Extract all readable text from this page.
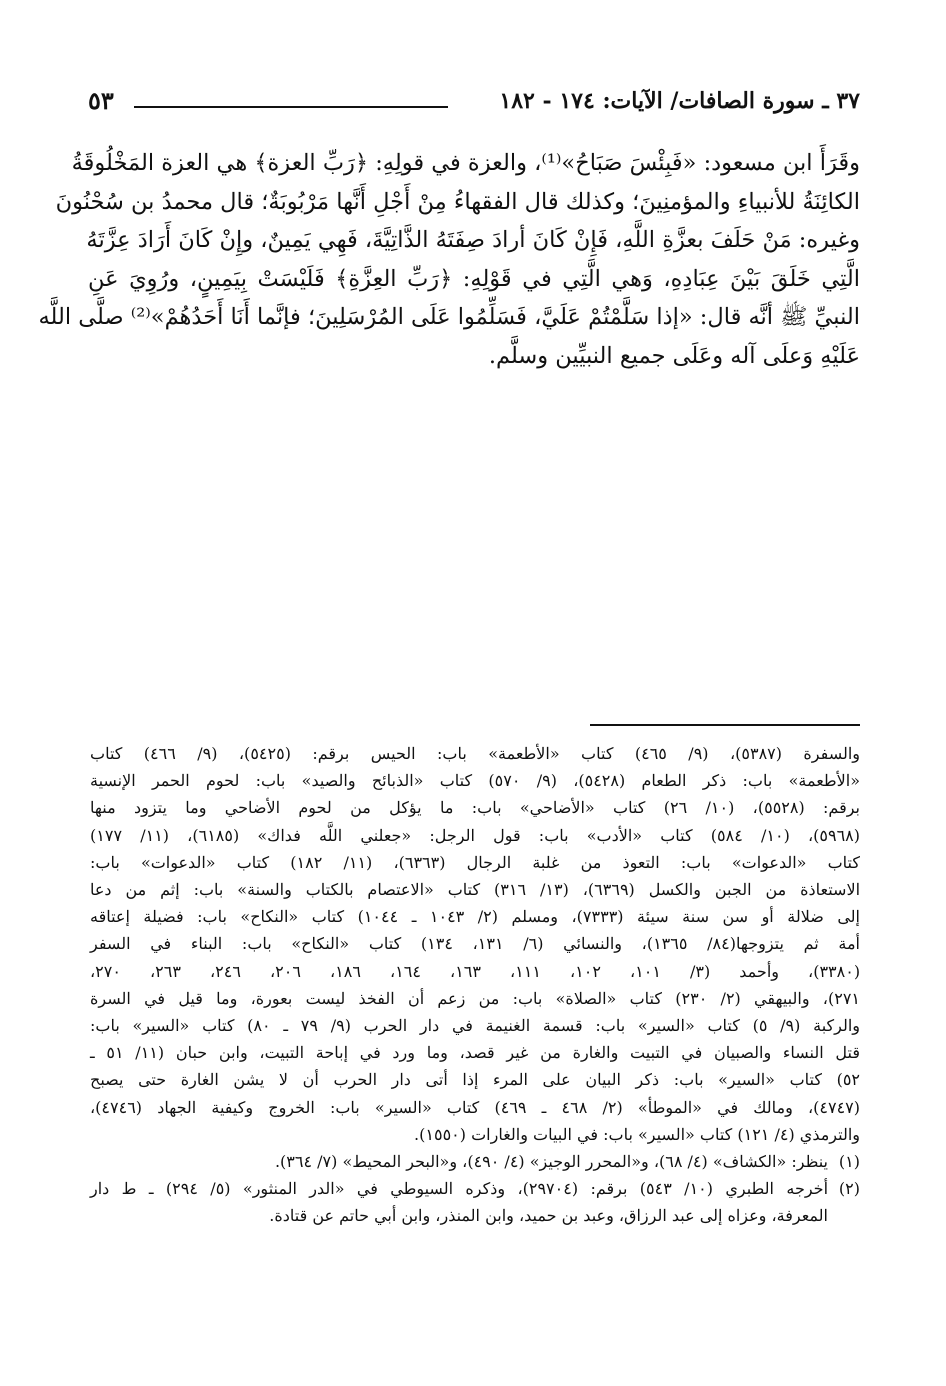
٣٧ ـ سورة الصافات/ الآيات: ١٧٤ - ١٨٢
٥٣
وقَرَأَ ابن مسعود: «فَبِئْسَ صَبَاحُ»⁽¹⁾، والعزة في قولِهِ: ﴿رَبِّ العزة﴾ هي العزة المَخْلُوقَةُ
الكائِنَةُ للأنبياءِ والمؤمنِينَ؛ وكذلك قال الفقهاءُ مِنْ أَجْلِ أَنَّها مَرْبُوبَةٌ؛ قال محمدُ بن سُحْنُونَ
وغيره: مَنْ حَلَفَ بعزَّةِ اللَّهِ، فَإِنْ كَانَ أرادَ صِفَتَهُ الذَّاتِيَّةَ، فَهِي يَمِينٌ، وإِنْ كَانَ أَرَادَ عِزَّتَهُ
الَّتِي خَلَقَ بَيْنَ عِبَادِهِ، وَهي الَّتِي في قَوْلِهِ: ﴿رَبِّ العِزَّةِ﴾ فَلَيْسَتْ بِيَمِينٍ، ورُوِيَ عَنِ
النبيِّ ﷺ أنَّه قال: «إذا سَلَّمْتُمْ عَلَيَّ، فَسَلِّمُوا عَلَى المُرْسَلِينَ؛ فإنَّما أَنَا أَحَدُهُمْ»⁽²⁾ صلَّى اللَّه
عَلَيْهِ وَعلَى آله وعَلَى جميع النبيِّين وسلَّم.
والسفرة (٥٣٨٧)، (٩/ ٤٦٥) كتاب «الأطعمة» باب: الحيس برقم: (٥٤٢٥)، (٩/ ٤٦٦) كتاب
«الأطعمة» باب: ذكر الطعام (٥٤٢٨)، (٩/ ٥٧٠) كتاب «الذبائح والصيد» باب: لحوم الحمر الإنسية
برقم: (٥٥٢٨)، (١٠/ ٢٦) كتاب «الأضاحي» باب: ما يؤكل من لحوم الأضاحي وما يتزود منها
(٥٩٦٨)، (١٠/ ٥٨٤) كتاب «الأدب» باب: قول الرجل: «جعلني اللَّه فداك» (٦١٨٥)، (١١/ ١٧٧)
كتاب «الدعوات» باب: التعوذ من غلبة الرجال (٦٣٦٣)، (١١/ ١٨٢) كتاب «الدعوات» باب:
الاستعاذة من الجبن والكسل (٦٣٦٩)، (١٣/ ٣١٦) كتاب «الاعتصام بالكتاب والسنة» باب: إثم من دعا
إلى ضلالة أو سن سنة سيئة (٧٣٣٣)، ومسلم (٢/ ١٠٤٣ ـ ١٠٤٤) كتاب «النكاح» باب: فضيلة إعتاقه
أمة ثم يتزوجها(٨٤/ ١٣٦٥)، والنسائي (٦/ ١٣١، ١٣٤) كتاب «النكاح» باب: البناء في السفر
(٣٣٨٠)، وأحمد (٣/ ١٠١، ١٠٢، ١١١، ١٦٣، ١٦٤، ١٨٦، ٢٠٦، ٢٤٦، ٢٦٣، ٢٧٠،
٢٧١)، والبيهقي (٢/ ٢٣٠) كتاب «الصلاة» باب: من زعم أن الفخذ ليست بعورة، وما قيل في السرة
والركبة (٩/ ٥) كتاب «السير» باب: قسمة الغنيمة في دار الحرب (٩/ ٧٩ ـ ٨٠) كتاب «السير» باب:
قتل النساء والصبيان في التبيت والغارة من غير قصد، وما ورد في إباحة التبيت، وابن حبان (١١/ ٥١ ـ
٥٢) كتاب «السير» باب: ذكر البيان على المرء إذا أتى دار الحرب أن لا يشن الغارة حتى يصبح
(٤٧٤٧)، ومالك في «الموطأ» (٢/ ٤٦٨ ـ ٤٦٩) كتاب «السير» باب: الخروج وكيفية الجهاد (٤٧٤٦)،
والترمذي (٤/ ١٢١) كتاب «السير» باب: في البيات والغارات (١٥٥٠).
(١)
ينظر: «الكشاف» (٤/ ٦٨)، و«المحرر الوجيز» (٤/ ٤٩٠)، و«البحر المحيط» (٧/ ٣٦٤).
(٢)
أخرجه الطبري (١٠/ ٥٤٣) برقم: (٢٩٧٠٤)، وذكره السيوطي في «الدر المنثور» (٥/ ٢٩٤) ـ ط دار
المعرفة، وعزاه إلى عبد الرزاق، وعبد بن حميد، وابن المنذر، وابن أبي حاتم عن قتادة.
